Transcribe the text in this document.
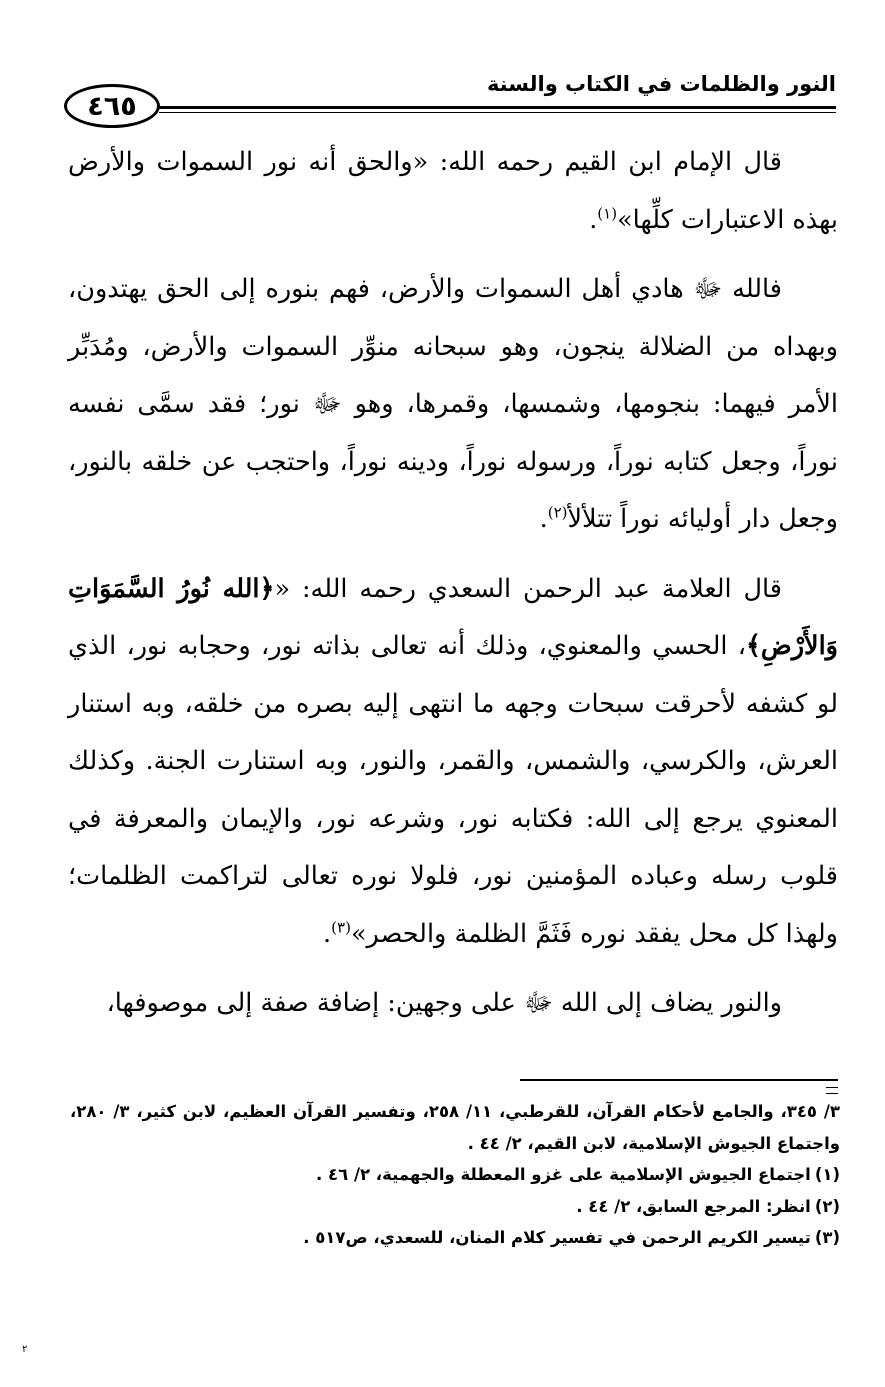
النور والظلمات في الكتاب والسنة
٤٦٥

قال الإمام ابن القيم رحمه الله: «والحق أنه نور السموات والأرض بهذه الاعتبارات كلِّها»$^{(١)}$.

فالله ﷻ هادي أهل السموات والأرض، فهم بنوره إلى الحق يهتدون، وبهداه من الضلالة ينجون، وهو سبحانه منوِّر السموات والأرض، ومُدَبِّر الأمر فيهما: بنجومها، وشمسها، وقمرها، وهو ﷻ نور؛ فقد سمَّى نفسه نوراً، وجعل كتابه نوراً، ورسوله نوراً، ودينه نوراً، واحتجب عن خلقه بالنور، وجعل دار أوليائه نوراً تتلألأ$^{(٢)}$.

قال العلامة عبد الرحمن السعدي رحمه الله: «﴿الله نُورُ السَّمَوَاتِ وَالأَرْضِ﴾، الحسي والمعنوي، وذلك أنه تعالى بذاته نور، وحجابه نور، الذي لو كشفه لأحرقت سبحات وجهه ما انتهى إليه بصره من خلقه، وبه استنار العرش، والكرسي، والشمس، والقمر، والنور، وبه استنارت الجنة. وكذلك المعنوي يرجع إلى الله: فكتابه نور، وشرعه نور، والإيمان والمعرفة في قلوب رسله وعباده المؤمنين نور، فلولا نوره تعالى لتراكمت الظلمات؛ ولهذا كل محل يفقد نوره فَثَمَّ الظلمة والحصر»$^{(٣)}$.

والنور يضاف إلى الله ﷻ على وجهين: إضافة صفة إلى موصوفها،

٣/ ٣٤٥، والجامع لأحكام القرآن، للقرطبي، ١١/ ٢٥٨، وتفسير القرآن العظيم، لابن كثير، ٣/ ٢٨٠، واجتماع الجيوش الإسلامية، لابن القيم، ٢/ ٤٤ .
(١)اجتماع الجيوش الإسلامية على غزو المعطلة والجهمية، ٢/ ٤٦ .
(٢)انظر: المرجع السابق، ٢/ ٤٤ .
(٣)تيسير الكريم الرحمن في تفسير كلام المنان، للسعدي، ص٥١٧ .
٢
